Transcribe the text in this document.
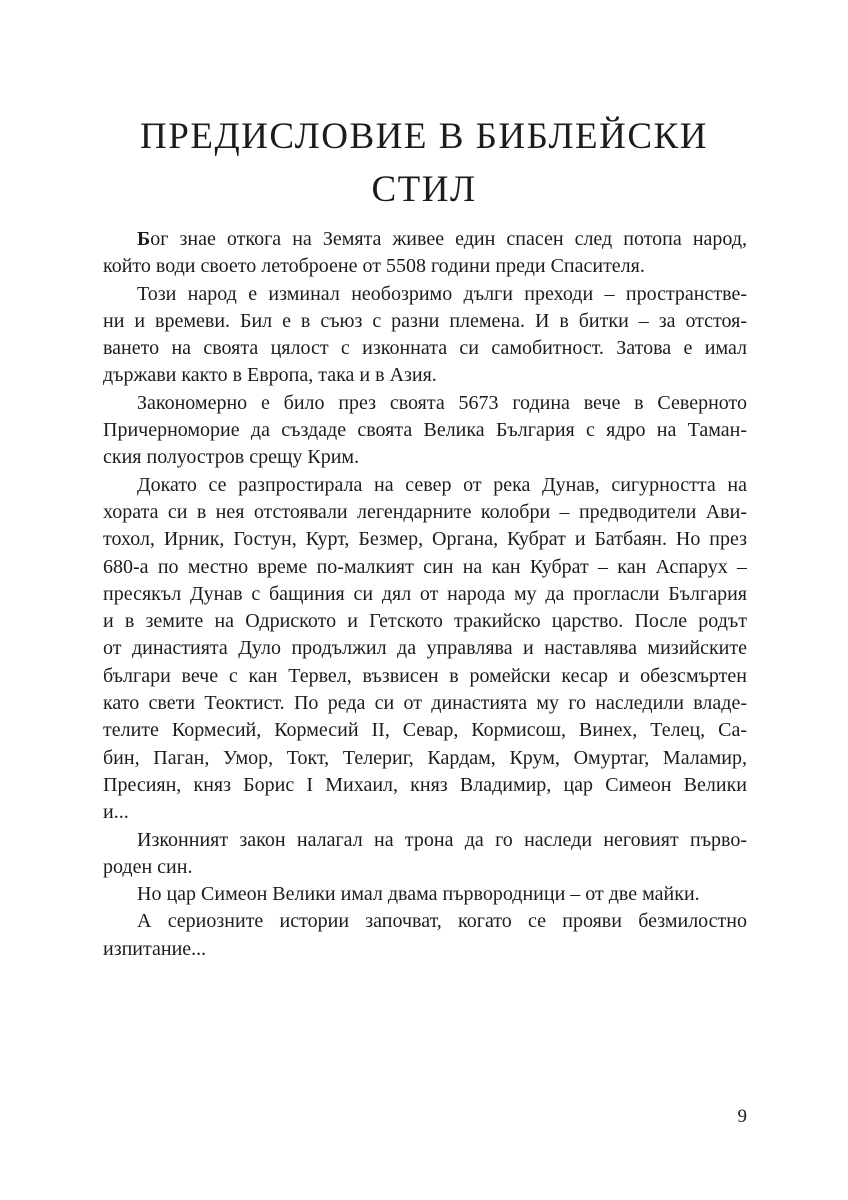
ПРЕДИСЛОВИЕ В БИБЛЕЙСКИ
СТИЛ
Бог знае откога на Земята живее един спасен след потопа народ,
който води своето летоброене от 5508 години преди Спасителя.
Този народ е изминал необозримо дълги преходи – пространстве-
ни и времеви. Бил е в съюз с разни племена. И в битки – за отстоя-
ването на своята цялост с изконната си самобитност. Затова е имал
държави както в Европа, така и в Азия.
Закономерно е било през своята 5673 година вече в Северното
Причерноморие да създаде своята Велика България с ядро на Таман-
ския полуостров срещу Крим.
Докато се разпростирала на север от река Дунав, сигурността на
хората си в нея отстоявали легендарните колобри – предводители Ави-
тохол, Ирник, Гостун, Курт, Безмер, Органа, Кубрат и Батбаян. Но през
680-а по местно време по-малкият син на кан Кубрат – кан Аспарух –
пресякъл Дунав с бащиния си дял от народа му да прогласли България
и в земите на Одриското и Гетското тракийско царство. После родът
от династията Дуло продължил да управлява и наставлява мизийските
българи вече с кан Тервел, възвисен в ромейски кесар и обезсмъртен
като свети Теоктист. По реда си от династията му го наследили владе-
телите Кормесий, Кормесий II, Севар, Кормисош, Винех, Телец, Са-
бин, Паган, Умор, Токт, Телериг, Кардам, Крум, Омуртаг, Маламир,
Пресиян, княз Борис I Михаил, княз Владимир, цар Симеон Велики
и...
Изконният закон налагал на трона да го наследи неговият първо-
роден син.
Но цар Симеон Велики имал двама първородници – от две майки.
А сериозните истории започват, когато се прояви безмилостно
изпитание...
9
